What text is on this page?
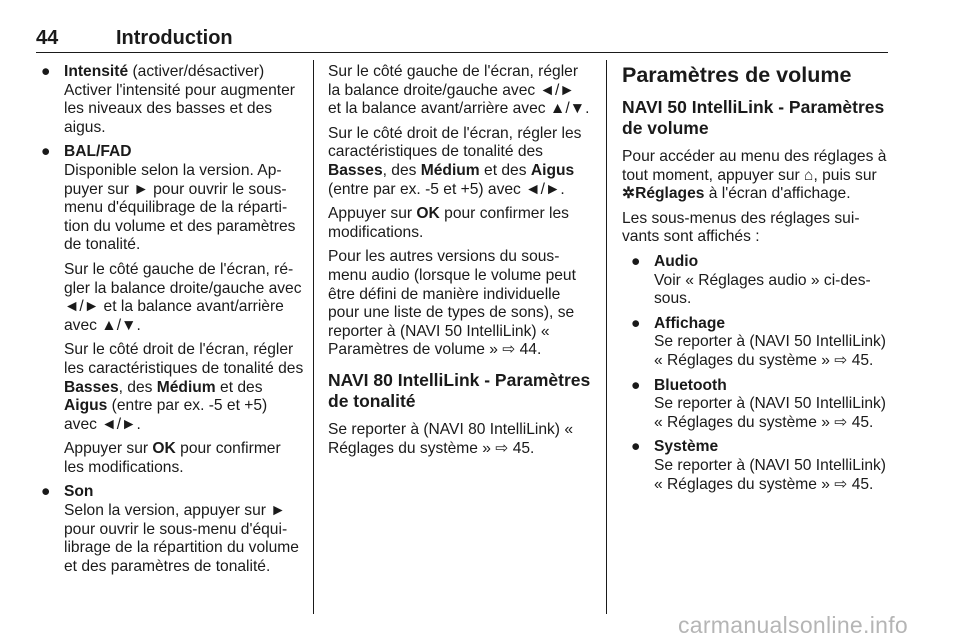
44	Introduction
● Intensité (activer/désactiver)
Activer l'intensité pour augmenter les niveaux des basses et des aigus.
● BAL/FAD
Disponible selon la version. Appuyer sur ► pour ouvrir le sous-menu d'équilibrage de la répartition du volume et des paramètres de tonalité.
Sur le côté gauche de l'écran, régler la balance droite/gauche avec ◄/► et la balance avant/arrière avec ▲/▼.
Sur le côté droit de l'écran, régler les caractéristiques de tonalité des Basses, des Médium et des Aigus (entre par ex. -5 et +5) avec ◄/►.
Appuyer sur OK pour confirmer les modifications.
● Son
Selon la version, appuyer sur ► pour ouvrir le sous-menu d'équilibrage de la répartition du volume et des paramètres de tonalité.
Sur le côté gauche de l'écran, régler la balance droite/gauche avec ◄/► et la balance avant/arrière avec ▲/▼.
Sur le côté droit de l'écran, régler les caractéristiques de tonalité des Basses, des Médium et des Aigus (entre par ex. -5 et +5) avec ◄/►.
Appuyer sur OK pour confirmer les modifications.
Pour les autres versions du sous-menu audio (lorsque le volume peut être défini de manière individuelle pour une liste de types de sons), se reporter à (NAVI 50 IntelliLink) « Paramètres de volume » ⇨ 44.
NAVI 80 IntelliLink - Paramètres de tonalité
Se reporter à (NAVI 80 IntelliLink) « Réglages du système » ⇨ 45.
Paramètres de volume
NAVI 50 IntelliLink - Paramètres de volume
Pour accéder au menu des réglages à tout moment, appuyer sur ⌂, puis sur ✲Réglages à l'écran d'affichage.
Les sous-menus des réglages suivants sont affichés :
● Audio
Voir « Réglages audio » ci-dessous.
● Affichage
Se reporter à (NAVI 50 IntelliLink) « Réglages du système » ⇨ 45.
● Bluetooth
Se reporter à (NAVI 50 IntelliLink) « Réglages du système » ⇨ 45.
● Système
Se reporter à (NAVI 50 IntelliLink) « Réglages du système » ⇨ 45.
carmanualsonline.info
